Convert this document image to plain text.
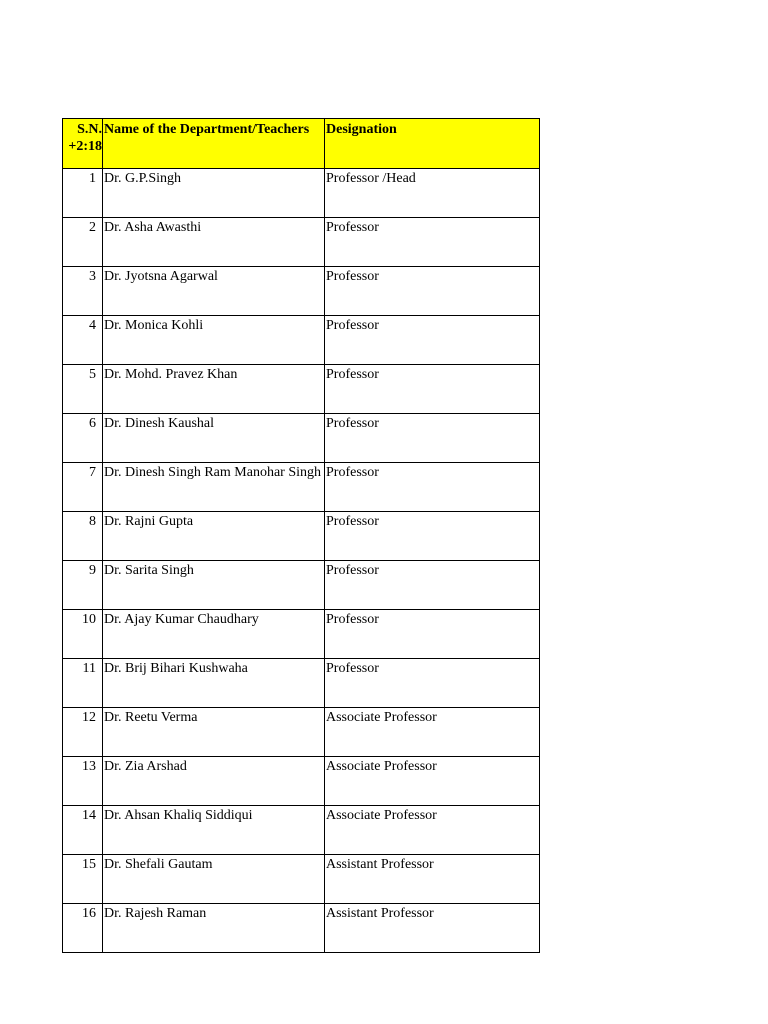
S.N.
+2:18	Name of the Department/Teachers	Designation
1	Dr. G.P.Singh	Professor /Head
2	Dr. Asha Awasthi	Professor
3	Dr. Jyotsna Agarwal	Professor
4	Dr. Monica Kohli	Professor
5	Dr. Mohd. Pravez Khan	Professor
6	Dr. Dinesh Kaushal	Professor
7	Dr. Dinesh Singh Ram Manohar Singh	Professor
8	Dr. Rajni Gupta	Professor
9	Dr. Sarita Singh	Professor
10	Dr. Ajay Kumar Chaudhary	Professor
11	Dr. Brij Bihari Kushwaha	Professor
12	Dr. Reetu Verma	Associate Professor
13	Dr. Zia Arshad	Associate Professor
14	Dr. Ahsan Khaliq Siddiqui	Associate Professor
15	Dr. Shefali Gautam	Assistant Professor
16	Dr. Rajesh Raman	Assistant Professor
